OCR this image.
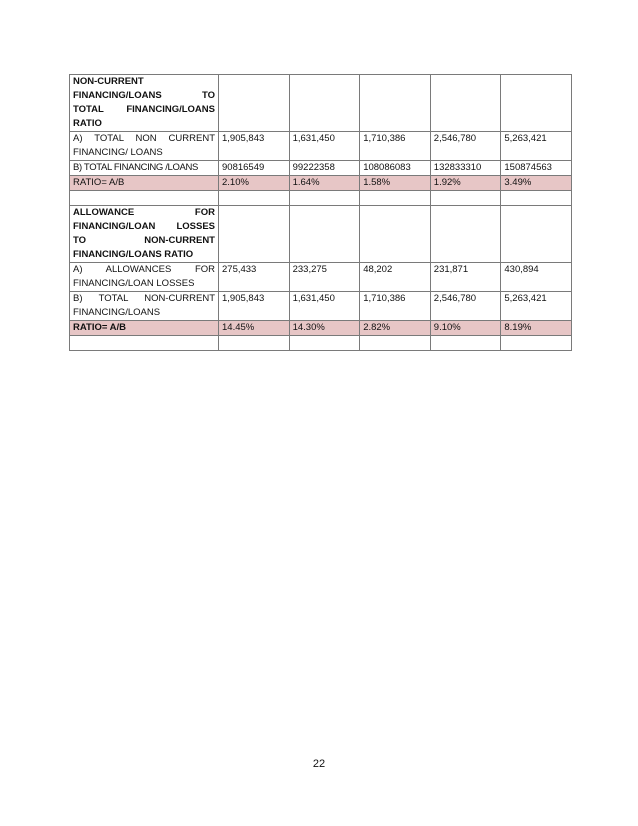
NON-CURRENT
FINANCING/LOANS TO
TOTAL FINANCING/LOANS
RATIO					

A) TOTAL NON CURRENT
FINANCING/ LOANS	1,905,843	1,631,450	1,710,386	2,546,780	5,263,421
B) TOTAL FINANCING /LOANS	90816549	99222358	108086083	132833310	150874563
RATIO= A/B	2.10%	1.64%	1.58%	1.92%	3.49%

ALLOWANCE FOR
FINANCING/LOAN LOSSES
TO NON-CURRENT
FINANCING/LOANS RATIO					

A) ALLOWANCES FOR
FINANCING/LOAN LOSSES	275,433	233,275	48,202	231,871	430,894

B) TOTAL NON-CURRENT
FINANCING/LOANS	1,905,843	1,631,450	1,710,386	2,546,780	5,263,421
RATIO= A/B	14.45%	14.30%	2.82%	9.10%	8.19%

22
